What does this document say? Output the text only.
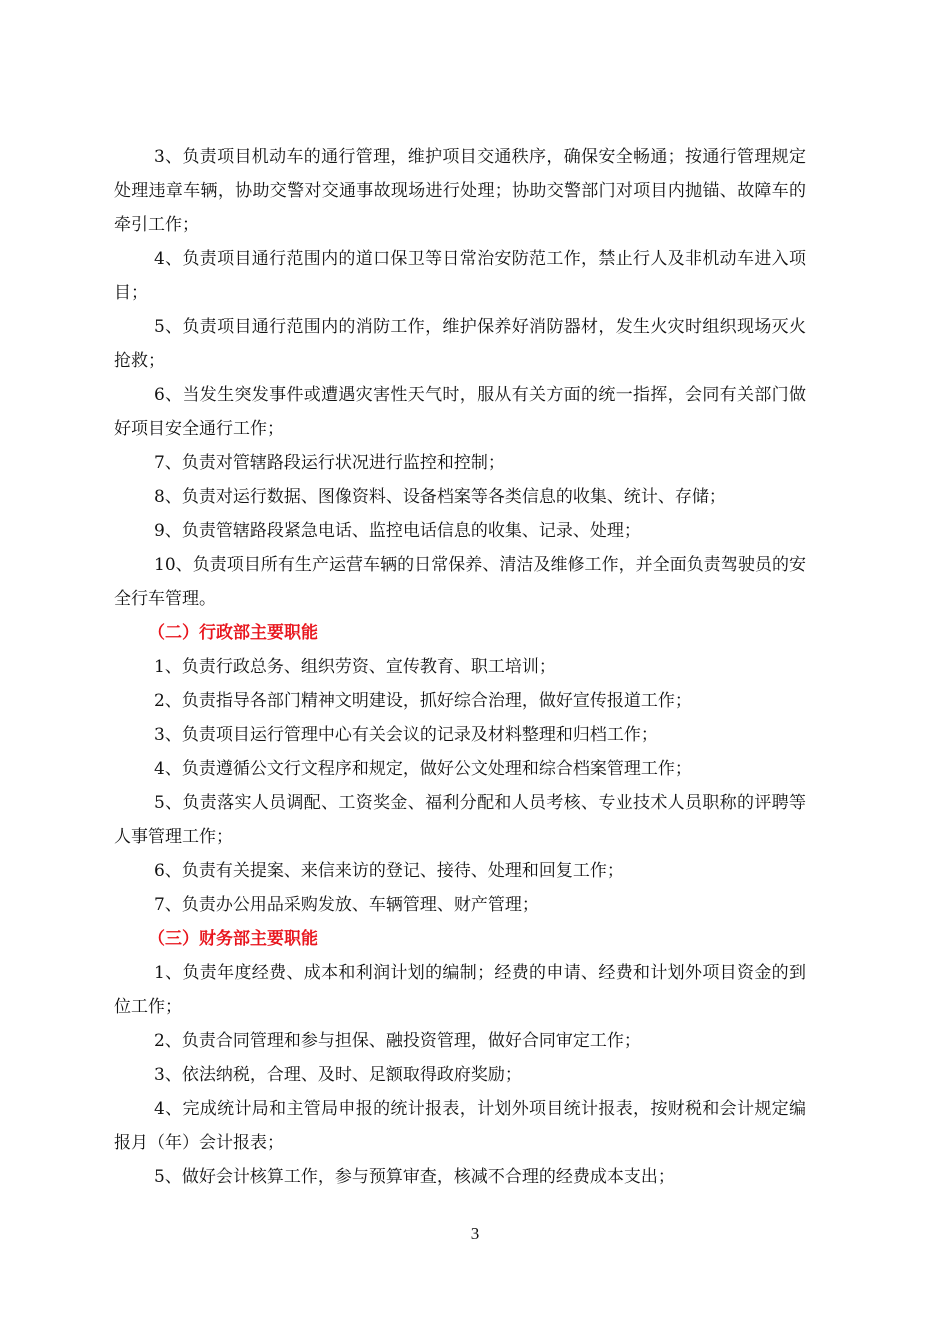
3、负责项目机动车的通行管理，维护项目交通秩序，确保安全畅通；按通行管理规定处理违章车辆，协助交警对交通事故现场进行处理；协助交警部门对项目内抛锚、故障车的牵引工作；

4、负责项目通行范围内的道口保卫等日常治安防范工作，禁止行人及非机动车进入项目；

5、负责项目通行范围内的消防工作，维护保养好消防器材，发生火灾时组织现场灭火抢救；

6、当发生突发事件或遭遇灾害性天气时，服从有关方面的统一指挥，会同有关部门做好项目安全通行工作；

7、负责对管辖路段运行状况进行监控和控制；

8、负责对运行数据、图像资料、设备档案等各类信息的收集、统计、存储；

9、负责管辖路段紧急电话、监控电话信息的收集、记录、处理；

10、负责项目所有生产运营车辆的日常保养、清洁及维修工作，并全面负责驾驶员的安全行车管理。

（二）行政部主要职能

1、负责行政总务、组织劳资、宣传教育、职工培训；

2、负责指导各部门精神文明建设，抓好综合治理，做好宣传报道工作；

3、负责项目运行管理中心有关会议的记录及材料整理和归档工作；

4、负责遵循公文行文程序和规定，做好公文处理和综合档案管理工作；

5、负责落实人员调配、工资奖金、福利分配和人员考核、专业技术人员职称的评聘等人事管理工作；

6、负责有关提案、来信来访的登记、接待、处理和回复工作；

7、负责办公用品采购发放、车辆管理、财产管理；

（三）财务部主要职能

1、负责年度经费、成本和利润计划的编制；经费的申请、经费和计划外项目资金的到位工作；

2、负责合同管理和参与担保、融投资管理，做好合同审定工作；

3、依法纳税，合理、及时、足额取得政府奖励；

4、完成统计局和主管局申报的统计报表，计划外项目统计报表，按财税和会计规定编报月（年）会计报表；

5、做好会计核算工作，参与预算审查，核减不合理的经费成本支出；

3
